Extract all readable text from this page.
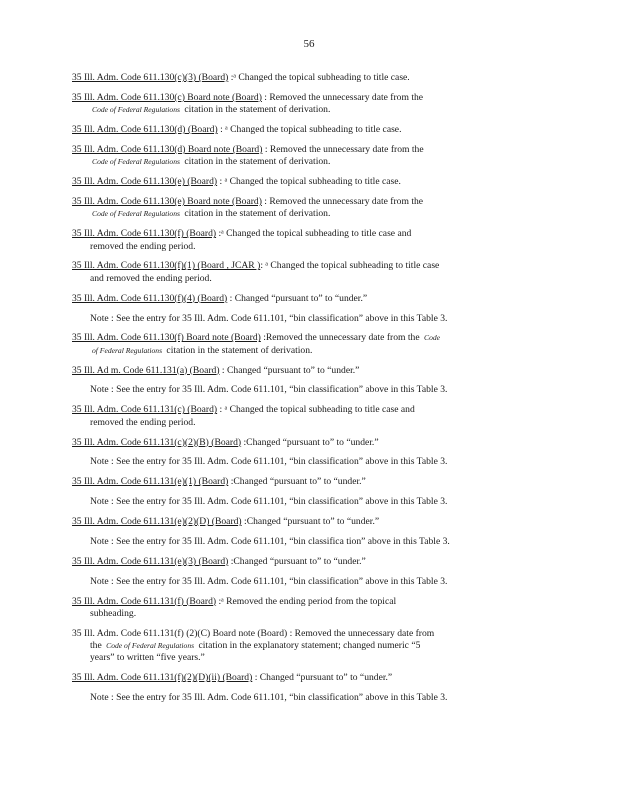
56
35 Ill. Adm. Code 611.130(c)(3) (Board) :ᵃ Changed the topical subheading to title case.
35 Ill. Adm. Code 611.130(c) Board note (Board) : Removed the unnecessary date from the
Code of Federal Regulations citation in the statement of derivation.
35 Ill. Adm. Code 611.130(d) (Board) : ᵃ Changed the topical subheading to title case.
35 Ill. Adm. Code 611.130(d) Board note (Board) : Removed the unnecessary date from the
Code of Federal Regulations citation in the statement of derivation.
35 Ill. Adm. Code 611.130(e) (Board) : ᵃ Changed the topical subheading to title case.
35 Ill. Adm. Code 611.130(e) Board note (Board) : Removed the unnecessary date from the
Code of Federal Regulations citation in the statement of derivation.
35 Ill. Adm. Code 611.130(f) (Board) :ᵃ Changed the topical subheading to title case and
removed the ending period.
35 Ill. Adm. Code 611.130(f)(1) (Board , JCAR ): ᵃ Changed the topical subheading to title case
and removed the ending period.
35 Ill. Adm. Code 611.130(f)(4) (Board) : Changed “pursuant to” to “under.”
Note : See the entry for 35 Ill. Adm. Code 611.101, “bin classification” above in this Table 3.
35 Ill. Adm. Code 611.130(f) Board note (Board) :Removed the unnecessary date from the Code
of Federal Regulations citation in the statement of derivation.
35 Ill. Ad m. Code 611.131(a) (Board) : Changed “pursuant to” to “under.”
Note : See the entry for 35 Ill. Adm. Code 611.101, “bin classification” above in this Table 3.
35 Ill. Adm. Code 611.131(c) (Board) : ᵃ Changed the topical subheading to title case and
removed the ending period.
35 Ill. Adm. Code 611.131(c)(2)(B) (Board) :Changed “pursuant to” to “under.”
Note : See the entry for 35 Ill. Adm. Code 611.101, “bin classification” above in this Table 3.
35 Ill. Adm. Code 611.131(e)(1) (Board) :Changed “pursuant to” to “under.”
Note : See the entry for 35 Ill. Adm. Code 611.101, “bin classification” above in this Table 3.
35 Ill. Adm. Code 611.131(e)(2)(D) (Board) :Changed “pursuant to” to “under.”
Note : See the entry for 35 Ill. Adm. Code 611.101, “bin classifica tion” above in this Table 3.
35 Ill. Adm. Code 611.131(e)(3) (Board) :Changed “pursuant to” to “under.”
Note : See the entry for 35 Ill. Adm. Code 611.101, “bin classification” above in this Table 3.
35 Ill. Adm. Code 611.131(f) (Board) :ᵃ Removed the ending period from the topical
subheading.
35 Ill. Adm. Code 611.131(f) (2)(C) Board note (Board) : Removed the unnecessary date from
the Code of Federal Regulations citation in the explanatory statement; changed numeric “5
years” to written “five years.”
35 Ill. Adm. Code 611.131(f)(2)(D)(ii) (Board) : Changed “pursuant to” to “under.”
Note : See the entry for 35 Ill. Adm. Code 611.101, “bin classification” above in this Table 3.
